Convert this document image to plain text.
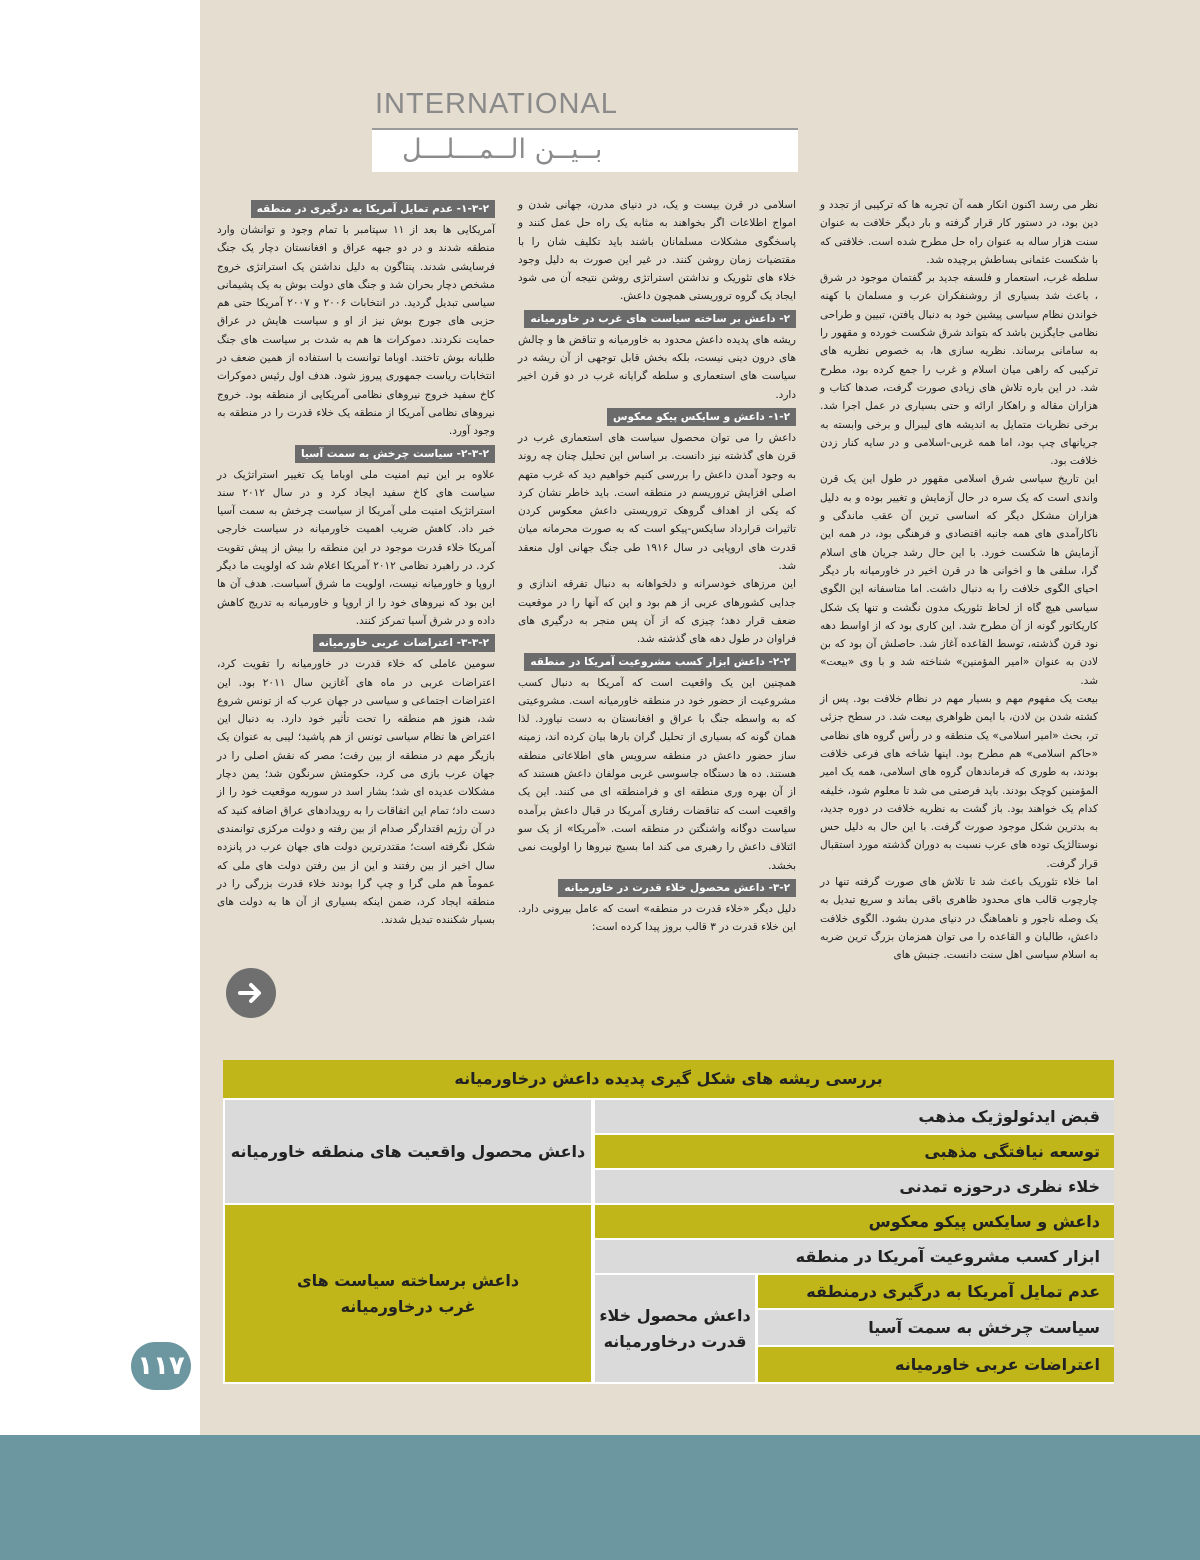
INTERNATIONAL
بــیــن الــمـــلـــل

نظر می رسد اکنون انکار همه آن تجربه ها که ترکیبی از تجدد و دین بود، در دستور کار قرار گرفته و بار دیگر خلافت به عنوان سنت هزار ساله به عنوان راه حل مطرح شده است. خلافتی که با شکست عثمانی بساطش برچیده شد.

سلطه غرب، استعمار و فلسفه جدید بر گفتمان موجود در شرق ، باعث شد بسیاری از روشنفکران عرب و مسلمان با کهنه خواندن نظام سیاسی پیشین خود به دنبال یافتن، تبیین و طراحی نظامی جایگزین باشد که بتواند شرق شکست خورده و مقهور را به سامانی برساند. نظریه سازی ها، به خصوص نظریه های ترکیبی که راهی میان اسلام و غرب را جمع کرده بود، مطرح شد. در این باره تلاش های زیادی صورت گرفت، صدها کتاب و هزاران مقاله و راهکار ارائه و حتی بسیاری در عمل اجرا شد. برخی نظریات متمایل به اندیشه های لیبرال و برخی وابسته به جریانهای چپ بود، اما همه غربی-اسلامی و در سایه کنار زدن خلافت بود.

این تاریخ سیاسی شرق اسلامی مقهور در طول این یک قرن واندی است که یک سره در حال آزمایش و تغییر بوده و به دلیل هزاران مشکل دیگر که اساسی ترین آن عقب ماندگی و ناکارآمدی های همه جانبه اقتصادی و فرهنگی بود، در همه این آزمایش ها شکست خورد. با این حال رشد جریان های اسلام گرا، سلفی ها و اخوانی ها در قرن اخیر در خاورمیانه بار دیگر احیای الگوی خلافت را به دنبال داشت. اما متاسفانه این الگوی سیاسی هیچ گاه از لحاظ تئوریک مدون نگشت و تنها یک شکل کاریکاتور گونه از آن مطرح شد. این کاری بود که از اواسط دهه نود قرن گذشته، توسط القاعده آغاز شد. حاصلش آن بود که بن لادن به عنوان «امیر المؤمنین» شناخته شد و با وی «بیعت» شد.

بیعت یک مفهوم مهم و بسیار مهم در نظام خلافت بود. پس از کشته شدن بن لادن، با ایمن ظواهری بیعت شد. در سطح جزئی تر، بحث «امیر اسلامی» یک منطقه و در رأس گروه های نظامی «حاکم اسلامی» هم مطرح بود. اینها شاخه های فرعی خلافت بودند، به طوری که فرماندهان گروه های اسلامی، همه یک امیر المؤمنین کوچک بودند. باید فرصتی می شد تا معلوم شود، خلیفه کدام یک خواهند بود. باز گشت به نظریه خلافت در دوره جدید، به بدترین شکل موجود صورت گرفت. با این حال به دلیل حس نوستالژیک توده های عرب نسبت به دوران گذشته مورد استقبال قرار گرفت.

اما خلاء تئوریک باعث شد تا تلاش های صورت گرفته تنها در چارچوب قالب های محدود ظاهری باقی بماند و سریع تبدیل به یک وصله ناجور و ناهماهنگ در دنیای مدرن بشود. الگوی خلافت داعش، طالبان و القاعده را می توان همزمان بزرگ ترین ضربه به اسلام سیاسی اهل سنت دانست. جنبش های

اسلامی در قرن بیست و یک، در دنیای مدرن، جهانی شدن و امواج اطلاعات اگر بخواهند به مثابه یک راه حل عمل کنند و پاسخگوی مشکلات مسلمانان باشند باید تکلیف شان را با مقتضیات زمان روشن کنند. در غیر این صورت به دلیل وجود خلاء های تئوریک و نداشتن استراتژی روشن نتیجه آن می شود ایجاد یک گروه تروریستی همچون داعش.

۲- داعش بر ساخته سیاست های غرب در خاورمیانه

ریشه های پدیده داعش محدود به خاورمیانه و تناقض ها و چالش های درون دینی نیست، بلکه بخش قابل توجهی از آن ریشه در سیاست های استعماری و سلطه گرایانه غرب در دو قرن اخیر دارد.

۱-۲- داعش و سایکس پیکو معکوس

داعش را می توان محصول سیاست های استعماری غرب در قرن های گذشته نیز دانست. بر اساس این تحلیل چنان چه روند به وجود آمدن داعش را بررسی کنیم خواهیم دید که غرب متهم اصلی افزایش تروریسم در منطقه است. باید خاطر نشان کرد که یکی از اهداف گروهک تروریستی داعش معکوس کردن تاثیرات قرارداد سایکس-پیکو است که به صورت محرمانه میان قدرت های اروپایی در سال ۱۹۱۶ طی جنگ جهانی اول منعقد شد.

این مرزهای خودسرانه و دلخواهانه به دنبال تفرقه اندازی و جدایی کشورهای عربی از هم بود و این که آنها را در موقعیت ضعف قرار دهد؛ چیزی که از آن پس منجر به درگیری های فراوان در طول دهه های گذشته شد.

۲-۲- داعش ابزار کسب مشروعیت آمریکا در منطقه

همچنین این یک واقعیت است که آمریکا به دنبال کسب مشروعیت از حضور خود در منطقه خاورمیانه است. مشروعیتی که به واسطه جنگ با عراق و افغانستان به دست نیاورد. لذا همان گونه که بسیاری از تحلیل گران بارها بیان کرده اند، زمینه ساز حضور داعش در منطقه سرویس های اطلاعاتی منطقه هستند. ده ها دستگاه جاسوسی غربی مولفان داعش هستند که از آن بهره وری منطقه ای و فرامنطقه ای می کنند. این یک واقعیت است که تناقضات رفتاری آمریکا در قبال داعش برآمده سیاست دوگانه واشنگتن در منطقه است. «آمریکا» از یک سو ائتلاف داعش را رهبری می کند اما بسیج نیروها را اولویت نمی بخشد.

۳-۲- داعش محصول خلاء قدرت در خاورمیانه

دلیل دیگر «خلاء قدرت در منطقه» است که عامل بیرونی دارد. این خلاء قدرت در ۳ قالب بروز پیدا کرده است:

۱-۳-۲- عدم تمایل آمریکا به درگیری در منطقه

آمریکایی ها بعد از ۱۱ سپتامبر با تمام وجود و توانشان وارد منطقه شدند و در دو جبهه عراق و افغانستان دچار یک جنگ فرسایشی شدند. پنتاگون به دلیل نداشتن یک استراتژی خروج مشخص دچار بحران شد و جنگ های دولت بوش به یک پشیمانی سیاسی تبدیل گردید. در انتخابات ۲۰۰۶ و ۲۰۰۷ آمریکا حتی هم حزبی های جورج بوش نیز از او و سیاست هایش در عراق حمایت نکردند. دموکرات ها هم به شدت بر سیاست های جنگ طلبانه بوش تاختند. اوباما توانست با استفاده از همین ضعف در انتخابات ریاست جمهوری پیروز شود. هدف اول رئیس دموکرات کاخ سفید خروج نیروهای نظامی آمریکایی از منطقه بود. خروج نیروهای نظامی آمریکا از منطقه یک خلاء قدرت را در منطقه به وجود آورد.

۲-۳-۲- سیاست چرخش به سمت آسیا

علاوه بر این تیم امنیت ملی اوباما یک تغییر استراتژیک در سیاست های کاخ سفید ایجاد کرد و در سال ۲۰۱۲ سند استراتژیک امنیت ملی آمریکا از سیاست چرخش به سمت آسیا خبر داد. کاهش ضریب اهمیت خاورمیانه در سیاست خارجی آمریکا خلاء قدرت موجود در این منطقه را بیش از پیش تقویت کرد. در راهبرد نظامی ۲۰۱۲ آمریکا اعلام شد که اولویت ما دیگر اروپا و خاورمیانه نیست، اولویت ما شرق آسیاست. هدف آن ها این بود که نیروهای خود را از اروپا و خاورمیانه به تدریج کاهش داده و در شرق آسیا تمرکز کنند.

۳-۳-۲- اعتراضات عربی خاورمیانه

سومین عاملی که خلاء قدرت در خاورمیانه را تقویت کرد، اعتراضات عربی در ماه های آغازین سال ۲۰۱۱ بود. این اعتراضات اجتماعی و سیاسی در جهان عرب که از تونس شروع شد، هنوز هم منطقه را تحت تأثیر خود دارد. به دنبال این اعتراض ها نظام سیاسی تونس از هم پاشید؛ لیبی به عنوان یک بازیگر مهم در منطقه از بین رفت؛ مصر که نقش اصلی را در جهان عرب بازی می کرد، حکومتش سرنگون شد؛ یمن دچار مشکلات عدیده ای شد؛ بشار اسد در سوریه موقعیت خود را از دست داد؛ تمام این اتفاقات را به رویدادهای عراق اضافه کنید که در آن رژیم اقتدارگر صدام از بین رفته و دولت مرکزی توانمندی شکل نگرفته است؛ مقتدرترین دولت های جهان عرب در پانزده سال اخیر از بین رفتند و این از بین رفتن دولت های ملی که عموماً هم ملی گرا و چپ گرا بودند خلاء قدرت بزرگی را در منطقه ایجاد کرد، ضمن اینکه بسیاری از آن ها به دولت های بسیار شکننده تبدیل شدند.

۱۱۷
بررسی ریشه های شکل گیری پدیده داعش درخاورمیانه
داعش محصول واقعیت های منطقه خاورمیانه
قبض ایدئولوژیک مذهب
توسعه نیافتگی مذهبی
خلاء نظری درحوزه تمدنی
داعش برساخته سیاست های
غرب درخاورمیانه
داعش و سایکس پیکو معکوس
ابزار کسب مشروعیت آمریکا در منطقه
داعش محصول خلاء
قدرت درخاورمیانه
عدم تمایل آمریکا به درگیری درمنطقه
سیاست چرخش به سمت آسیا
اعتراضات عربی خاورمیانه
